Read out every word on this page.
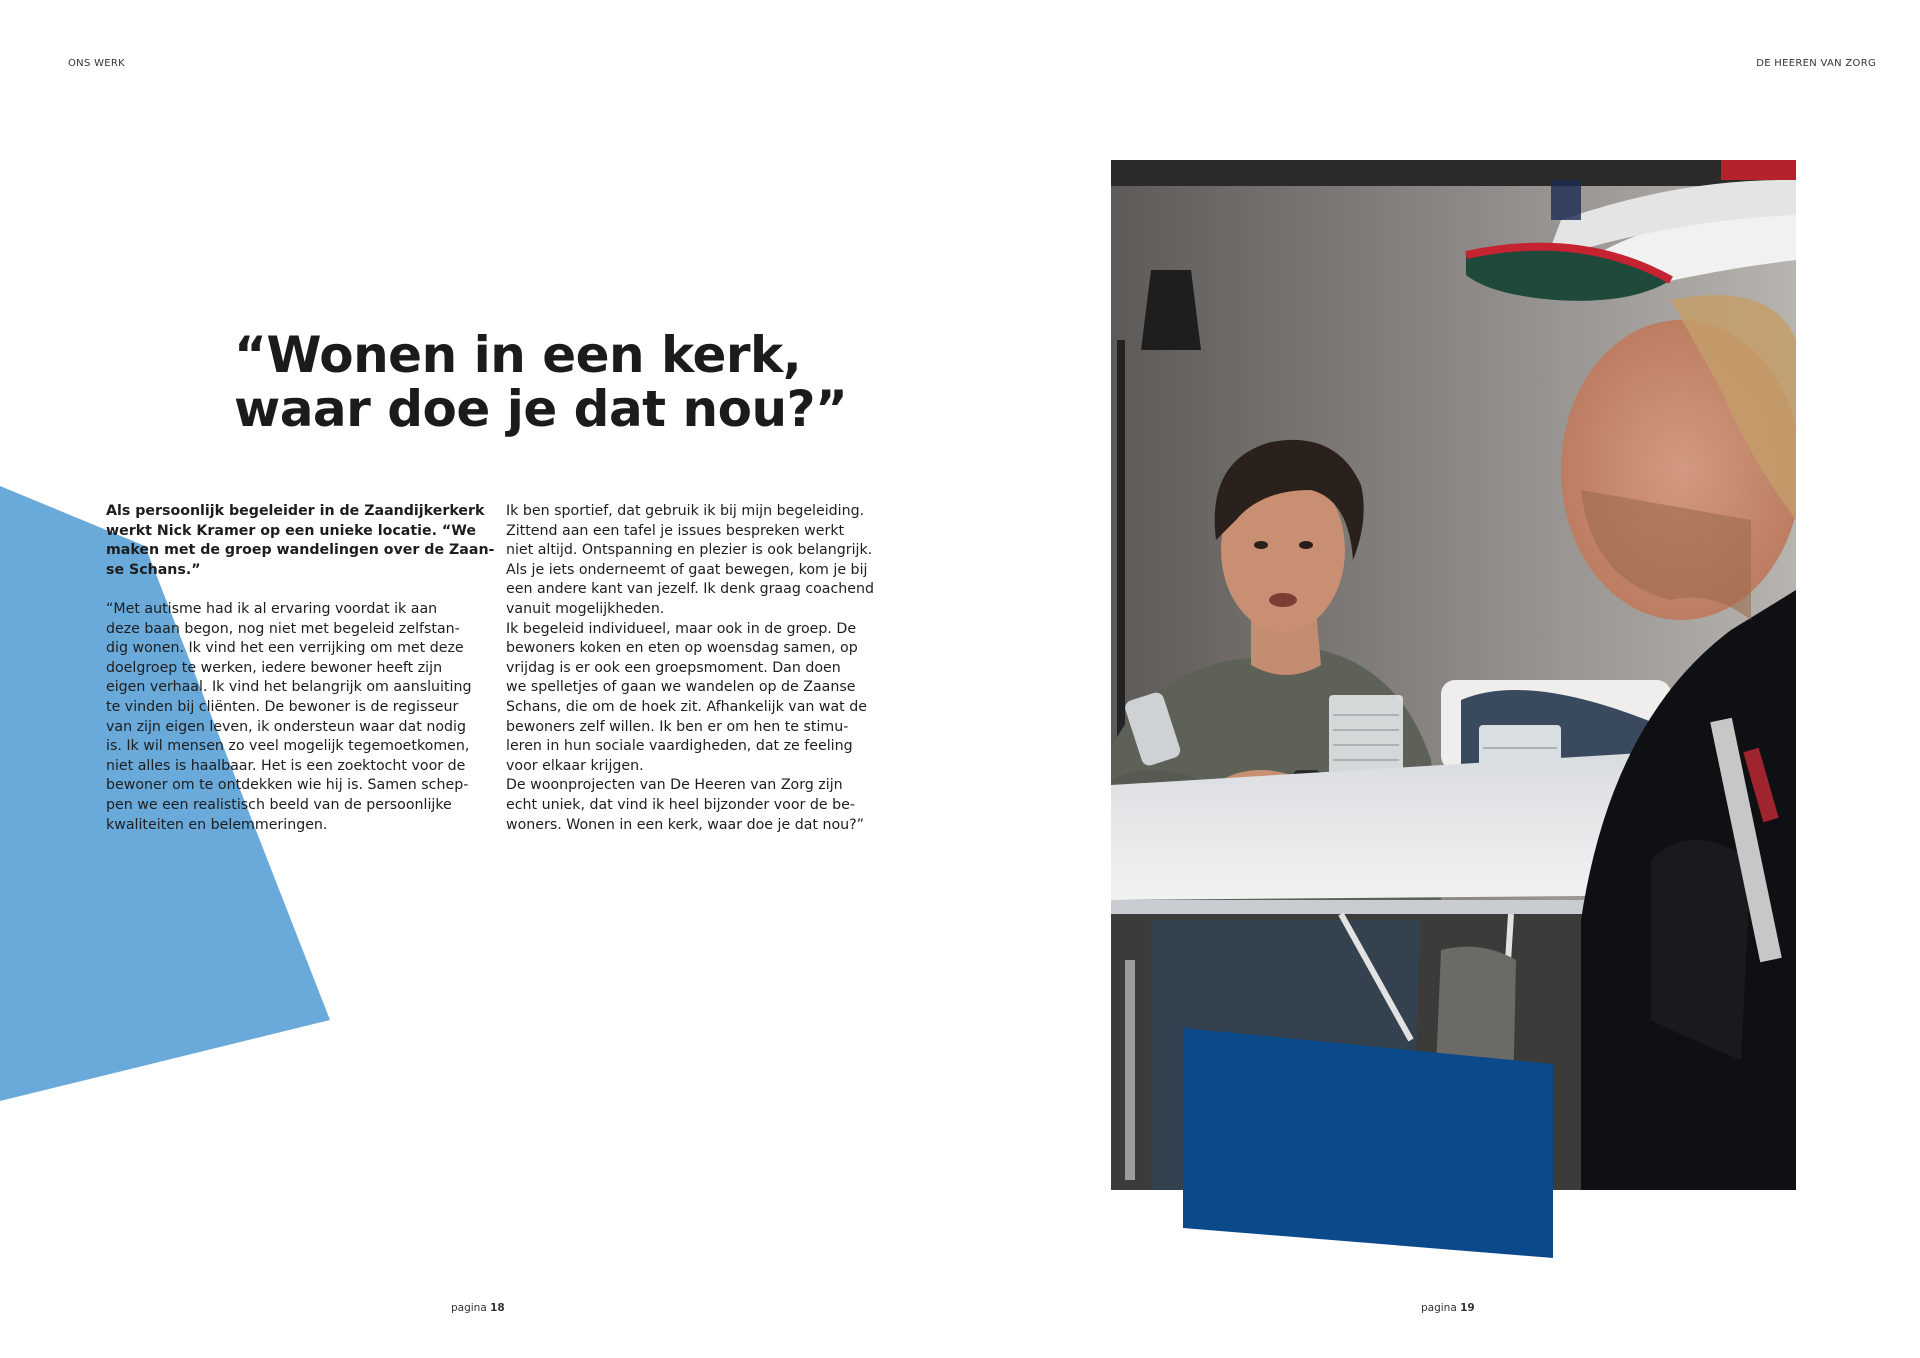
ONS WERK	DE HEEREN VAN ZORG
“Wonen in een kerk,
waar doe je dat nou?”

Als persoonlijk begeleider in de Zaandijkerkerk
werkt Nick Kramer op een unieke locatie. “We
maken met de groep wandelingen over de Zaan-
se Schans.”

“Met autisme had ik al ervaring voordat ik aan
deze baan begon, nog niet met begeleid zelfstan-
dig wonen. Ik vind het een verrijking om met deze
doelgroep te werken, iedere bewoner heeft zijn
eigen verhaal. Ik vind het belangrijk om aansluiting
te vinden bij cliënten. De bewoner is de regisseur
van zijn eigen leven, ik ondersteun waar dat nodig
is. Ik wil mensen zo veel mogelijk tegemoetkomen,
niet alles is haalbaar. Het is een zoektocht voor de
bewoner om te ontdekken wie hij is. Samen schep-
pen we een realistisch beeld van de persoonlijke
kwaliteiten en belemmeringen.

Ik ben sportief, dat gebruik ik bij mijn begeleiding.
Zittend aan een tafel je issues bespreken werkt
niet altijd. Ontspanning en plezier is ook belangrijk.
Als je iets onderneemt of gaat bewegen, kom je bij
een andere kant van jezelf. Ik denk graag coachend
vanuit mogelijkheden.
Ik begeleid individueel, maar ook in de groep. De
bewoners koken en eten op woensdag samen, op
vrijdag is er ook een groepsmoment. Dan doen
we spelletjes of gaan we wandelen op de Zaanse
Schans, die om de hoek zit. Afhankelijk van wat de
bewoners zelf willen. Ik ben er om hen te stimu-
leren in hun sociale vaardigheden, dat ze feeling
voor elkaar krijgen.
De woonprojecten van De Heeren van Zorg zijn
echt uniek, dat vind ik heel bijzonder voor de be-
woners. Wonen in een kerk, waar doe je dat nou?”

pagina 18	pagina 19
